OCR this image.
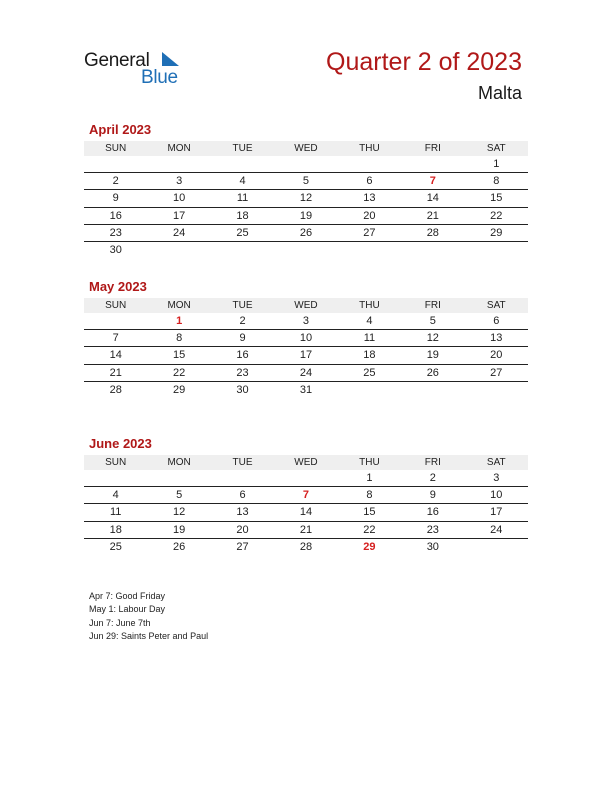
General
Blue
Quarter 2 of 2023
Malta
April 2023
SUN	MON	TUE	WED	THU	FRI	SAT
						1
2	3	4	5	6	7	8
9	10	11	12	13	14	15
16	17	18	19	20	21	22
23	24	25	26	27	28	29
30						
May 2023
SUN	MON	TUE	WED	THU	FRI	SAT
	1	2	3	4	5	6
7	8	9	10	11	12	13
14	15	16	17	18	19	20
21	22	23	24	25	26	27
28	29	30	31			
June 2023
SUN	MON	TUE	WED	THU	FRI	SAT
				1	2	3
4	5	6	7	8	9	10
11	12	13	14	15	16	17
18	19	20	21	22	23	24
25	26	27	28	29	30	
Apr 7: Good Friday
May 1: Labour Day
Jun 7: June 7th
Jun 29: Saints Peter and Paul
